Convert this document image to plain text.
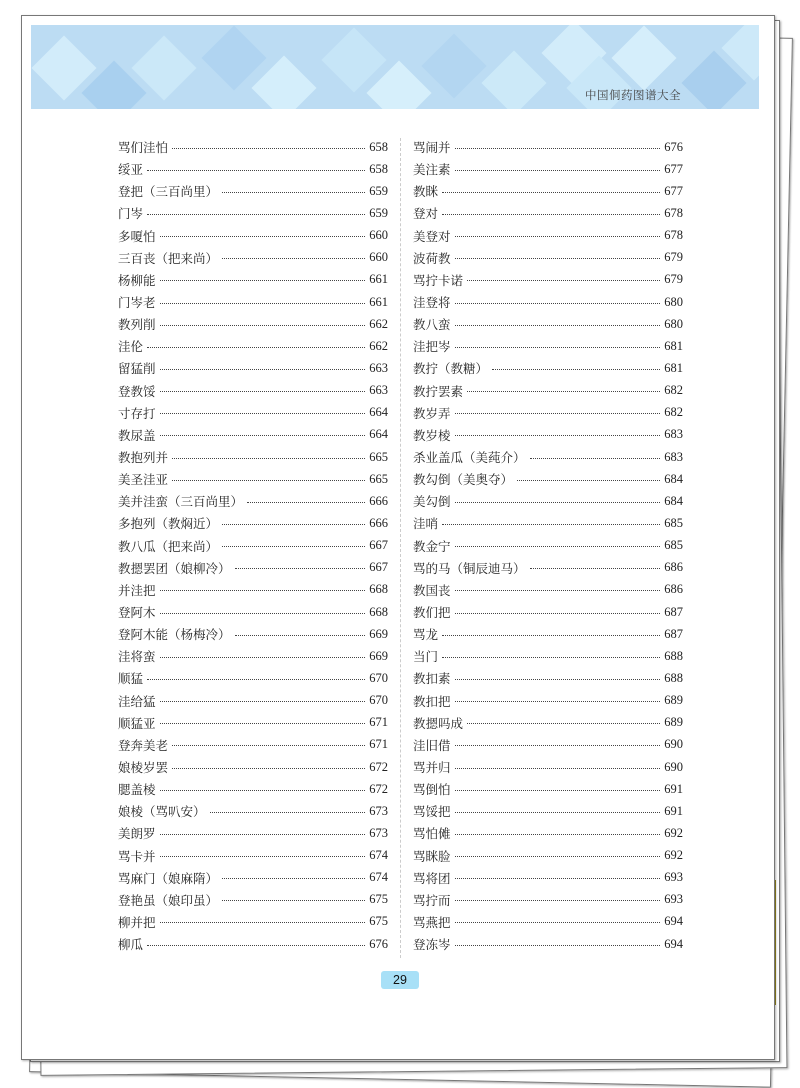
中国侗药图谱大全
骂们洼怕	658
绥亚	658
登把（三百尚里）	659
门岑	659
多嗄怕	660
三百丧（把来尚）	660
杨柳能	661
门岑老	661
教列削	662
洼伦	662
留猛削	663
登教馁	663
寸存打	664
教尿盖	664
教抱列并	665
美圣洼亚	665
美并洼蛮（三百尚里）	666
多抱列（教焖近）	666
教八瓜（把来尚）	667
教摁罢团（娘柳冷）	667
并洼把	668
登阿木	668
登阿木能（杨梅冷）	669
洼将蛮	669
顺猛	670
洼给猛	670
顺猛亚	671
登奔美老	671
娘棱岁罢	672
腮盖棱	672
娘棱（骂叭安）	673
美朗罗	673
骂卡并	674
骂麻门（娘麻隋）	674
登艳虽（娘印虽）	675
柳并把	675
柳瓜	676
骂闹并	676
美注素	677
教眯	677
登对	678
美登对	678
波荷教	679
骂拧卡诺	679
洼登将	680
教八蛮	680
洼把岑	681
教拧（教糖）	681
教拧罢素	682
教岁弄	682
教岁棱	683
杀业盖瓜（美莼介）	683
教勾倒（美奥夺）	684
美勾倒	684
洼哨	685
教金宁	685
骂的马（铜辰迪马）	686
教国丧	686
教们把	687
骂龙	687
当门	688
教扣素	688
教扣把	689
教摁吗成	689
洼旧借	690
骂并归	690
骂倒怕	691
骂馁把	691
骂怕傩	692
骂眯脸	692
骂将团	693
骂拧而	693
骂燕把	694
登冻岑	694
29
